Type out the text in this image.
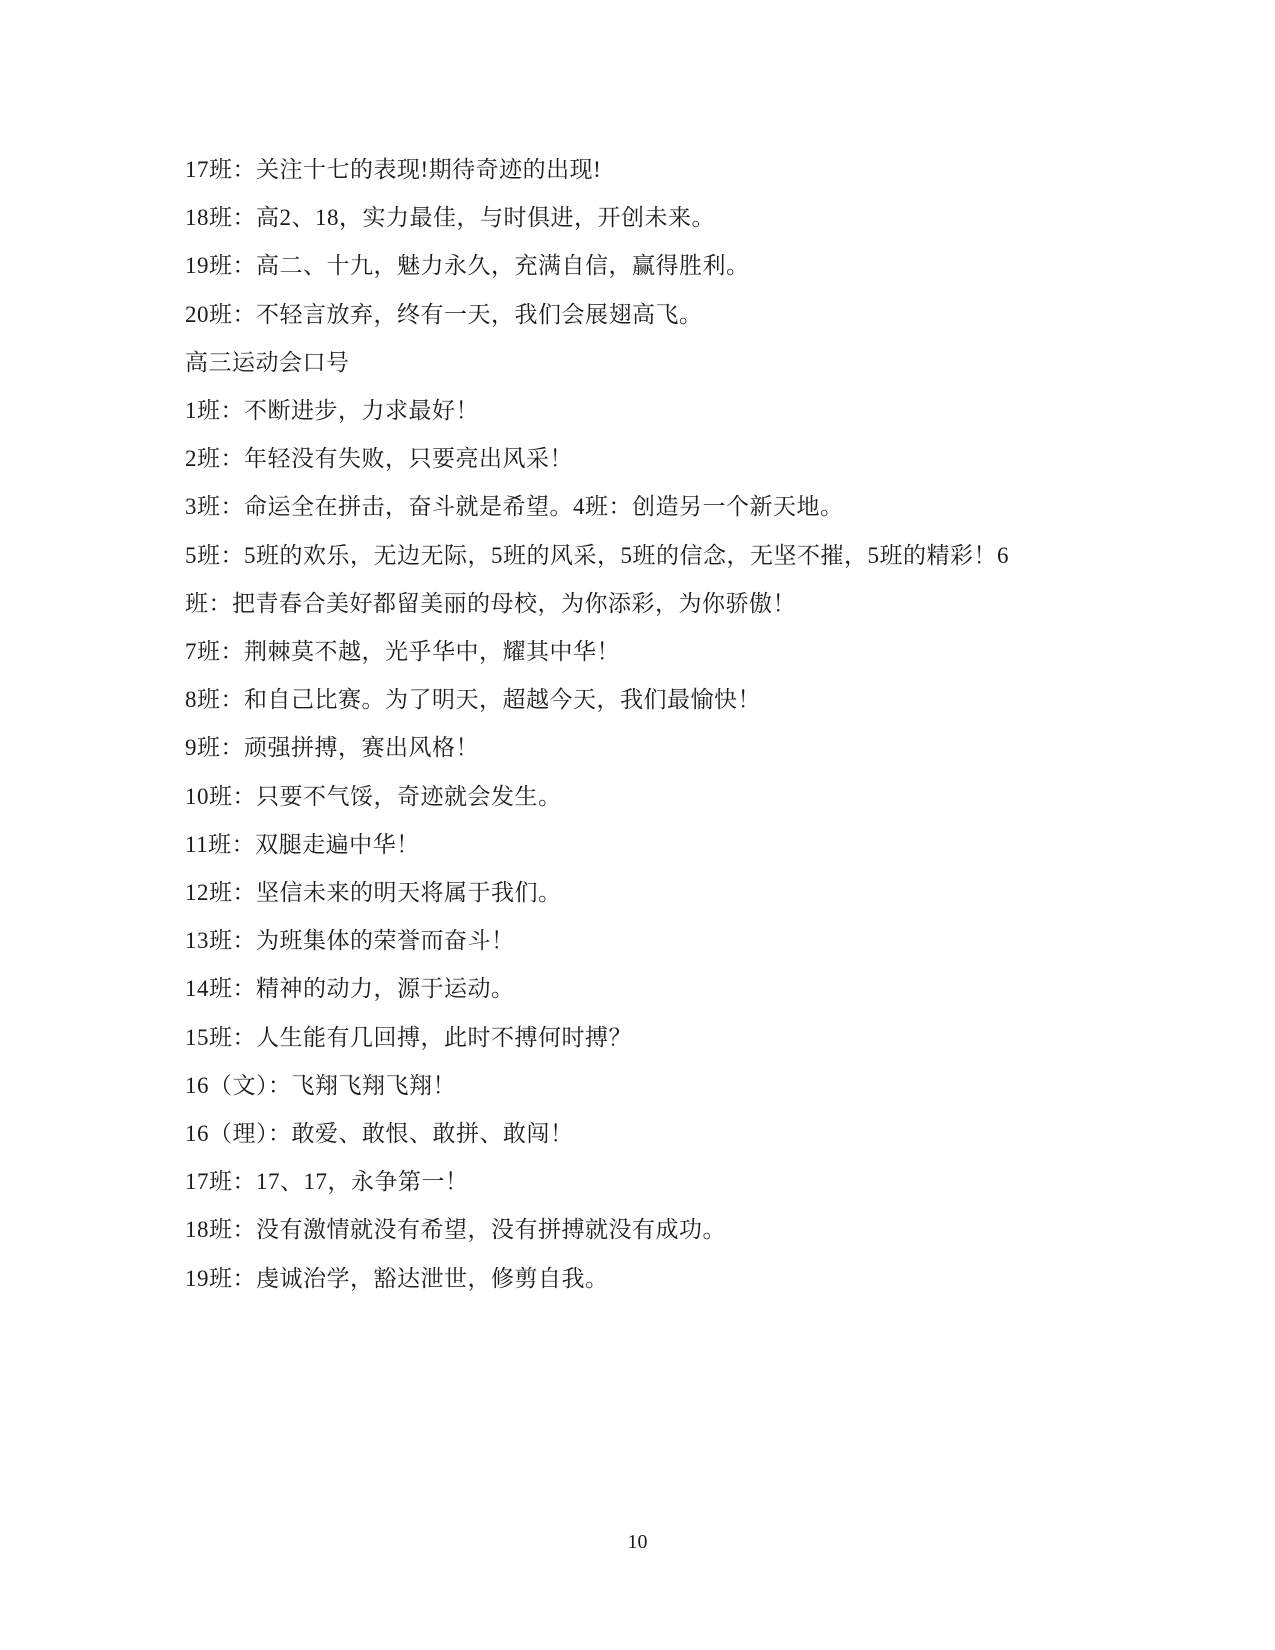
17班：关注十七的表现!期待奇迹的出现!

18班：高2、18，实力最佳，与时俱进，开创未来。

19班：高二、十九，魅力永久，充满自信，赢得胜利。

20班：不轻言放弃，终有一天，我们会展翅高飞。

高三运动会口号

1班：不断进步，力求最好！

2班：年轻没有失败，只要亮出风采！

3班：命运全在拼击，奋斗就是希望。4班：创造另一个新天地。

5班：5班的欢乐，无边无际，5班的风采，5班的信念，无坚不摧，5班的精彩！6

班：把青春合美好都留美丽的母校，为你添彩，为你骄傲！

7班：荆棘莫不越，光乎华中，耀其中华！

8班：和自己比赛。为了明天，超越今天，我们最愉快！

9班：顽强拼搏，赛出风格！

10班：只要不气馁，奇迹就会发生。

11班：双腿走遍中华！

12班：坚信未来的明天将属于我们。

13班：为班集体的荣誉而奋斗！

14班：精神的动力，源于运动。

15班：人生能有几回搏，此时不搏何时搏？

16（文）：飞翔飞翔飞翔！

16（理）：敢爱、敢恨、敢拼、敢闯！

17班：17、17，永争第一！

18班：没有激情就没有希望，没有拼搏就没有成功。

19班：虔诚治学，豁达泄世，修剪自我。

10
